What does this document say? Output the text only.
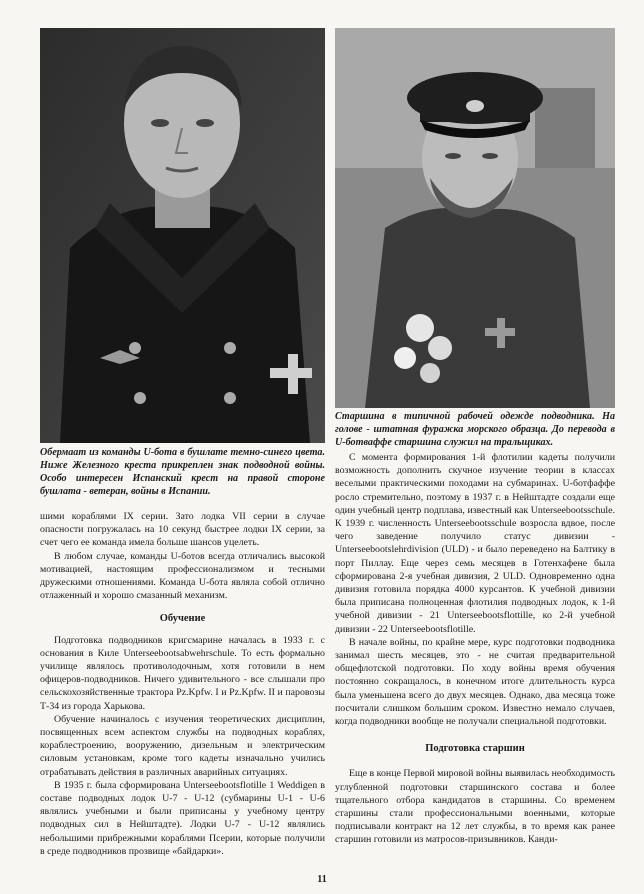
Обермаат из команды U-бота в бушлате темно-синего цвета. Ниже Железного креста прикреплен знак подводной войны. Особо интересен Испанский крест на правой стороне бушлата - ветеран, войны в Испании.

Старшина в типичной рабочей одежде подводника. На голове - штатная фуражка морского образца. До перевода в U-ботваффе старшина служил на тральщиках.

шими кораблями IX серии. Зато лодка VII серии в случае опасности погружалась на 10 секунд быстрее лодки IX серии, за счет чего ее команда имела больше шансов уцелеть.

В любом случае, команды U-ботов всегда отличались высокой мотивацией, настоящим профессионализмом и тесными дружескими отношениями. Команда U-бота являла собой отлично отлаженный и хорошо смазанный механизм.

Обучение

Подготовка подводников кригсмарине началась в 1933 г. с основания в Киле Unterseebootsabwehrschule. То есть формально училище являлось противолодочным, хотя готовили в нем офицеров-подводников. Ничего удивительного - все слышали про сельскохозяйственные трактора Pz.Kpfw. I и Pz.Kpfw. II и паровозы Т-34 из города Харькова.

Обучение начиналось с изучения теоретических дисциплин, посвященных всем аспектом службы на подводных кораблях, кораблестроению, вооружению, дизельным и электрическим силовым установкам, кроме того кадеты изначально учились отрабатывать действия в различных аварийных ситуациях.

В 1935 г. была сформирована Unterseebootsflotille 1 Weddigen в составе подводных лодок U-7 - U-12 (субмарины U-1 - U-6 являлись учебными и были приписаны у учебному центру подводных сил в Нейштадте). Лодки U-7 - U-12 являлись небольшими прибрежными кораблями Псерии, которые получили в среде подводников прозвище «байдарки».

С момента формирования 1-й флотилии кадеты получили возможность дополнить скучное изучение теории в классах веселыми практическими походами на субмаринах. U-ботфаффе росло стремительно, поэтому в 1937 г. в Нейштадте создали еще один учебный центр подплава, известный как Unterseebootsschule. К 1939 г. численность Unterseebootsschule возросла вдвое, после чего заведение получило статус дивизии - Unterseebootslehrdivision (ULD) - и было переведено на Балтику в порт Пиллау. Еще через семь месяцев в Готенхафене была сформирована 2-я учебная дивизия, 2 ULD. Одновременно одна дивизия готовила порядка 4000 курсантов. К учебной дивизии была приписана полноценная флотилия подводных лодок, к 1-й учебной дивизии - 21 Unterseebootsflottille, ко 2-й учебной дивизии - 22 Unterseebootsflotille.

В начале войны, по крайне мере, курс подготовки подводника занимал шесть месяцев, это - не считая предварительной общефлотской подготовки. По ходу войны время обучения постоянно сокращалось, в конечном итоге длительность курса была уменьшена всего до двух месяцев. Однако, два месяца тоже посчитали слишком большим сроком. Известно немало случаев, когда подводники вообще не получали специальной подготовки.

Подготовка старшин

Еще в конце Первой мировой войны выявилась необходимость углубленной подготовки старшинского состава и более тщательного отбора кандидатов в старшины. Со временем старшины стали профессиональными военными, которые подписывали контракт на 12 лет службы, в то время как ранее старшин готовили из матросов-призывников. Канди-

11
